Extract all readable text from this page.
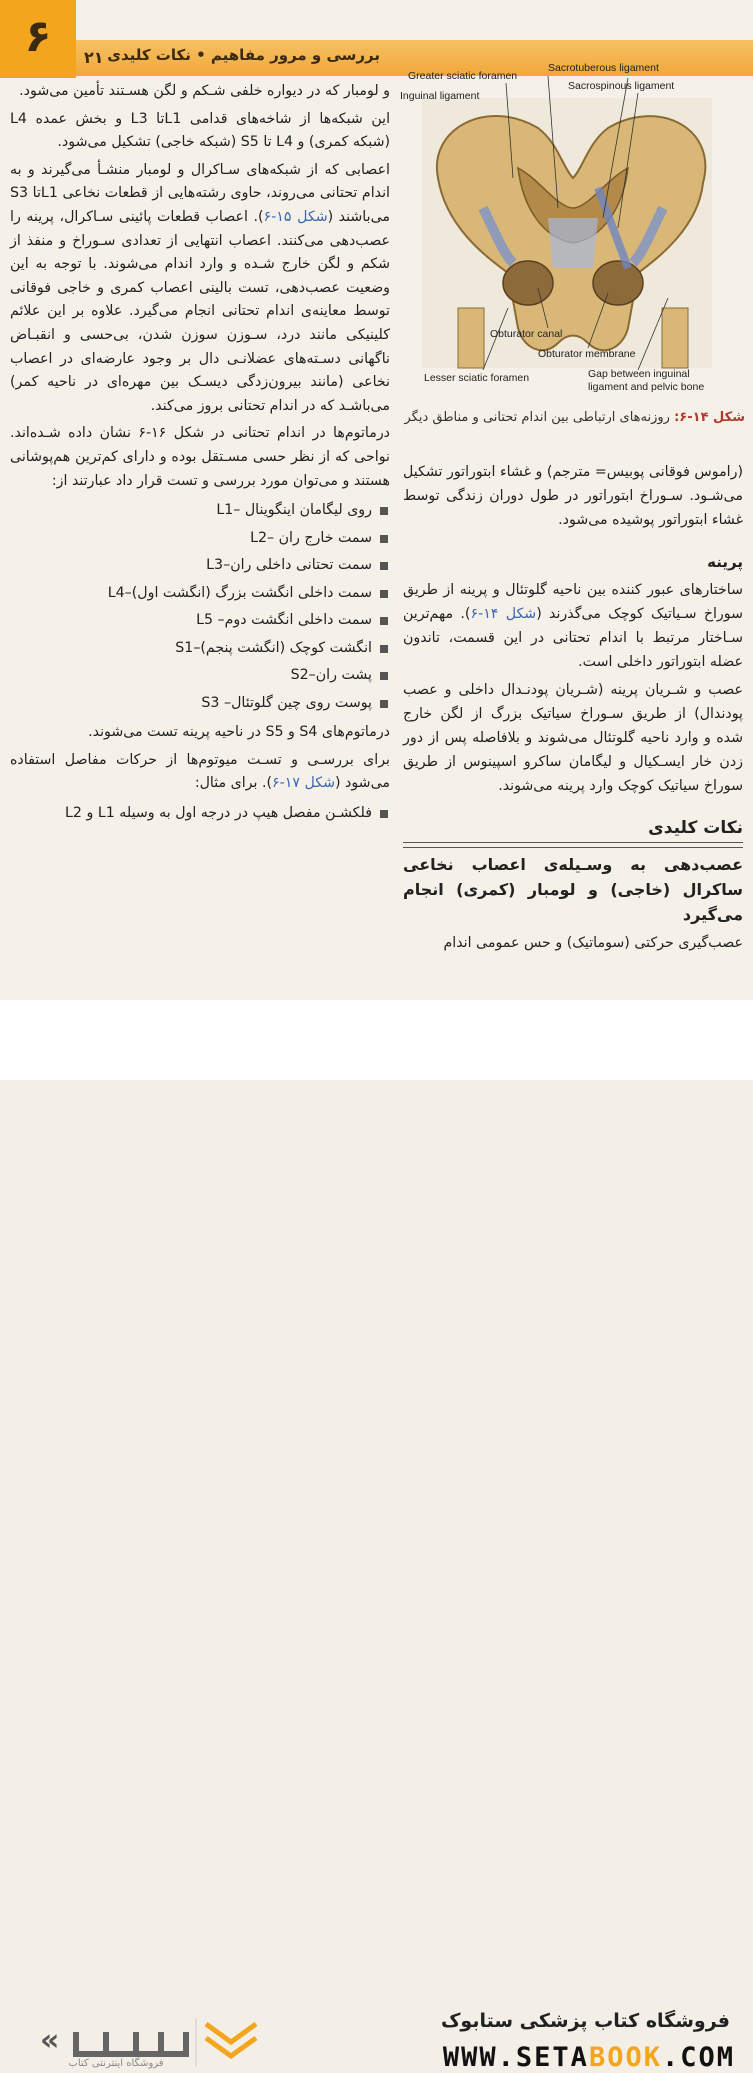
۶	۲۱ بررسی و مرور مفاهیم • نکات کلیدی

و لومبار که در دیواره خلفی شـکم و لگن هسـتند تأمین می‌شود.

این شبکه‌ها از شاخه‌های قدامی L1تا L3 و بخش عمده L4 (شبکه کمری) و L4 تا S5 (شبکه خاجی) تشکیل می‌شود.

اعصابی که از شبکه‌های سـاکرال و لومبار منشـأ می‌گیرند و به اندام تحتانی می‌روند، حاوی رشته‌هایی از قطعات نخاعی L1تا S3 می‌باشند (شکل ۱۵-۶). اعصاب قطعات پائینی سـاکرال، پرینه را عصب‌دهی می‌کنند. اعصاب انتهایی از تعدادی سـوراخ و منفذ از شکم و لگن خارج شـده و وارد اندام می‌شوند. با توجه به این وضعیت عصب‌دهی، تست بالینی اعصاب کمری و خاجی فوقانی توسط معاینه‌ی اندام تحتانی انجام می‌گیرد. علاوه بر این علائم کلینیکی مانند درد، سـوزن سوزن شدن، بی‌حسی و انقبـاض ناگهانی دسـته‌های عضلانـی دال بر وجود عارضه‌ای در اعصاب نخاعی (مانند بیرون‌زدگی دیسـک بین مهره‌ای در ناحیه کمر) می‌باشـد که در اندام تحتانی بروز می‌کند.

درماتوم‌ها در اندام تحتانی در شکل ۱۶-۶ نشان داده شـده‌اند. نواحی که از نظر حسی مسـتقل بوده و دارای کم‌ترین هم‌پوشانی هستند و می‌توان مورد بررسی و تست قرار داد عبارتند از:

روی لیگامان اینگوینال –L1
سمت خارج ران –L2
سمت تحتانی داخلی ران–L3
سمت داخلی انگشت بزرگ (انگشت اول)–L4
سمت داخلی انگشت دوم– L5
انگشت کوچک (انگشت پنجم)–S1
پشت ران–S2
پوست روی چین گلوتئال– S3

درماتوم‌های S4 و S5 در ناحیه پرینه تست می‌شوند.

برای بررسـی و تسـت میوتوم‌ها از حرکات مفاصل استفاده می‌شود (شکل ۱۷-۶). برای مثال:

فلکشـن مفصل هیپ در درجه اول به وسیله L1 و L2
Greater sciatic foramen
Sacrotuberous ligament
Inguinal ligament
Sacrospinous ligament
Obturator canal
Obturator membrane
Lesser sciatic foramen	Gap between inguinal
ligament and pelvic bone
شکل ۱۴-۶: روزنه‌های ارتباطی بین اندام تحتانی و مناطق دیگر

(راموس فوقانی پوبیس= مترجم) و غشاء ابتوراتور تشکیل می‌شـود. سـوراخ ابتوراتور در طول دوران زندگی توسط غشاء ابتوراتور پوشیده می‌شود.

پرینه

ساختارهای عبور کننده بین ناحیه گلوتئال و پرینه از طریق سوراخ سـیاتیک کوچک می‌گذرند (شکل ۱۴-۶). مهم‌ترین سـاختار مرتبط با اندام تحتانی در این قسمت، تاندون عضله ابتوراتور داخلی است.

عصب و شـریان پرینه (شـریان پودنـدال داخلی و عصب پودندال) از طریق سـوراخ سیاتیک بزرگ از لگن خارج شده و وارد ناحیه گلوتئال می‌شوند و بلافاصله پس از دور زدن خار ایسـکیال و لیگامان ساکرو اسپینوس از طریق سوراخ سیاتیک کوچک وارد پرینه می‌شوند.

نکات کلیدی
عصب‌دهی به وسـیله‌ی اعصاب نخاعی ساکرال (خاجی) و لومبار (کمری) انجام می‌گیرد

عصب‌گیری حرکتی (سوماتیک) و حس عمومی اندام

«
فروشگاه اینترنتی کتاب
فروشگاه کتاب پزشکی ستابوک
WWW.SETABOOK.COM
